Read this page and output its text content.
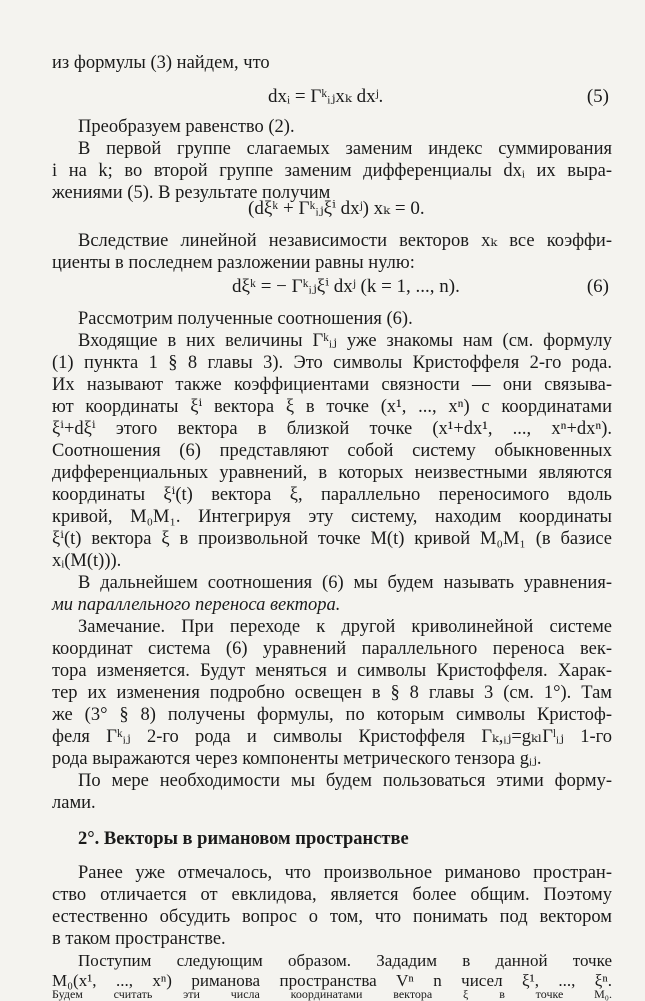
из формулы (3) найдем, что
dxᵢ = Γᵏᵢⱼxₖ dxʲ.	(5)
Преобразуем равенство (2).
В первой группе слагаемых заменим индекс суммирования
i на k; во второй группе заменим дифференциалы dxᵢ их выра-
жениями (5). В результате получим
(dξᵏ + Γᵏᵢⱼξⁱ dxʲ) xₖ = 0.
Вследствие линейной независимости векторов xₖ все коэффи-
циенты в последнем разложении равны нулю:
dξᵏ = − Γᵏᵢⱼξⁱ dxʲ (k = 1, ..., n).	(6)
Рассмотрим полученные соотношения (6).
Входящие в них величины Γᵏᵢⱼ уже знакомы нам (см. формулу
(1) пункта 1 § 8 главы 3). Это символы Кристоффеля 2-го рода.
Их называют также коэффициентами связности — они связыва-
ют координаты ξⁱ вектора ξ в точке (x¹, ..., xⁿ) с координатами
ξⁱ+dξⁱ этого вектора в близкой точке (x¹+dx¹, ..., xⁿ+dxⁿ).
Соотношения (6) представляют собой систему обыкновенных
дифференциальных уравнений, в которых неизвестными являются
координаты ξⁱ(t) вектора ξ, параллельно переносимого вдоль
кривой, M₀M₁. Интегрируя эту систему, находим координаты
ξⁱ(t) вектора ξ в произвольной точке M(t) кривой M₀M₁ (в базисе
xᵢ(M(t))).
В дальнейшем соотношения (6) мы будем называть уравнения-
ми параллельного переноса вектора.
Замечание. При переходе к другой криволинейной системе
координат система (6) уравнений параллельного переноса век-
тора изменяется. Будут меняться и символы Кристоффеля. Харак-
тер их изменения подробно освещен в § 8 главы 3 (см. 1°). Там
же (3° § 8) получены формулы, по которым символы Кристоф-
феля Γᵏᵢⱼ 2-го рода и символы Кристоффеля Γₖ,ᵢⱼ=gₖₗΓˡᵢⱼ 1-го
рода выражаются через компоненты метрического тензора gᵢⱼ.
По мере необходимости мы будем пользоваться этими форму-
лами.
2°. Векторы в римановом пространстве
Ранее уже отмечалось, что произвольное риманово простран-
ство отличается от евклидова, является более общим. Поэтому
естественно обсудить вопрос о том, что понимать под вектором
в таком пространстве.
Поступим следующим образом. Зададим в данной точке
M₀(x¹, ..., xⁿ) риманова пространства Vⁿ n чисел ξ¹, ..., ξⁿ.
Будем считать эти числа координатами вектора ξ в точке M₀.
